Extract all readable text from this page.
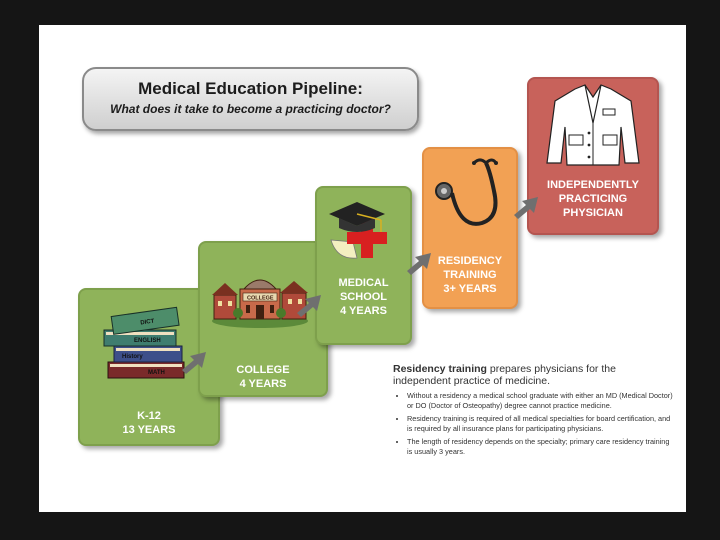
Medical Education Pipeline:
What does it take to become a practicing doctor?
DICT
ENGLISH
History
MATH
K-12
13 YEARS
COLLEGE
COLLEGE
4 YEARS
MEDICAL
SCHOOL
4 YEARS
RESIDENCY
TRAINING
3+ YEARS
INDEPENDENTLY
PRACTICING
PHYSICIAN
Residency training prepares physicians for the independent practice of medicine.
• Without a residency a medical school graduate with either an MD (Medical Doctor) or DO (Doctor of Osteopathy) degree cannot practice medicine.
• Residency training is required of all medical specialties for board certification, and is required by all insurance plans for participating physicians.
• The length of residency depends on the specialty; primary care residency training is usually 3 years.
